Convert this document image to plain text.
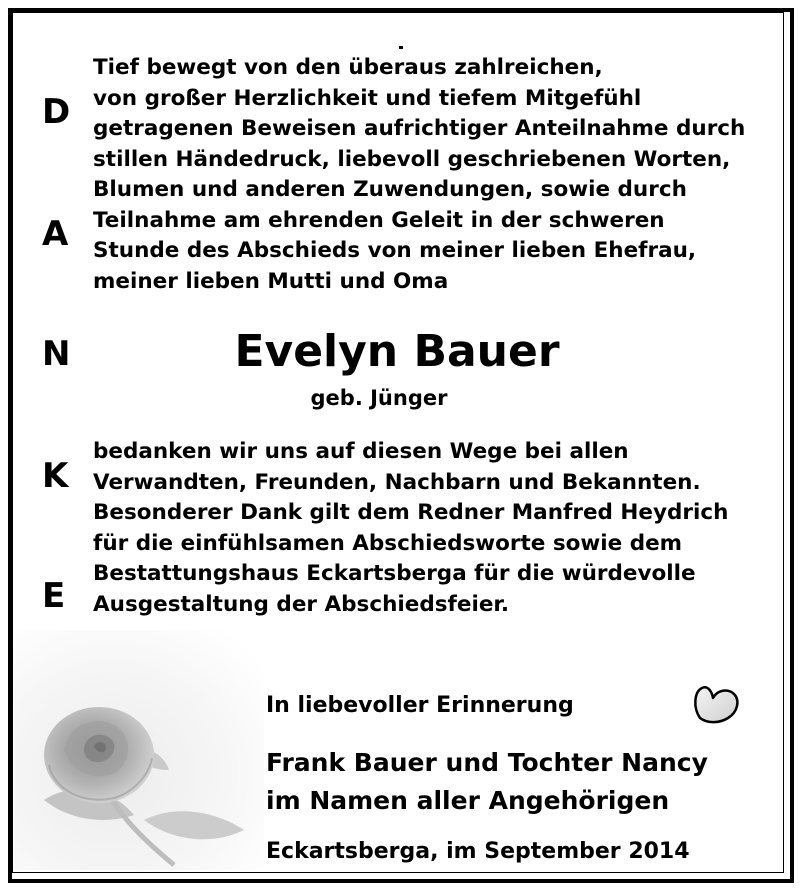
D
A
N
K
E
Tief bewegt von den überaus zahlreichen,
von großer Herzlichkeit und tiefem Mitgefühl
getragenen Beweisen aufrichtiger Anteilnahme durch
stillen Händedruck, liebevoll geschriebenen Worten,
Blumen und anderen Zuwendungen, sowie durch
Teilnahme am ehrenden Geleit in der schweren
Stunde des Abschieds von meiner lieben Ehefrau,
meiner lieben Mutti und Oma
Evelyn Bauer
geb. Jünger
bedanken wir uns auf diesen Wege bei allen
Verwandten, Freunden, Nachbarn und Bekannten.
Besonderer Dank gilt dem Redner Manfred Heydrich
für die einfühlsamen Abschiedsworte sowie dem
Bestattungshaus Eckartsberga für die würdevolle
Ausgestaltung der Abschiedsfeier.
In liebevoller Erinnerung
Frank Bauer und Tochter Nancy
im Namen aller Angehörigen
Eckartsberga, im September 2014
